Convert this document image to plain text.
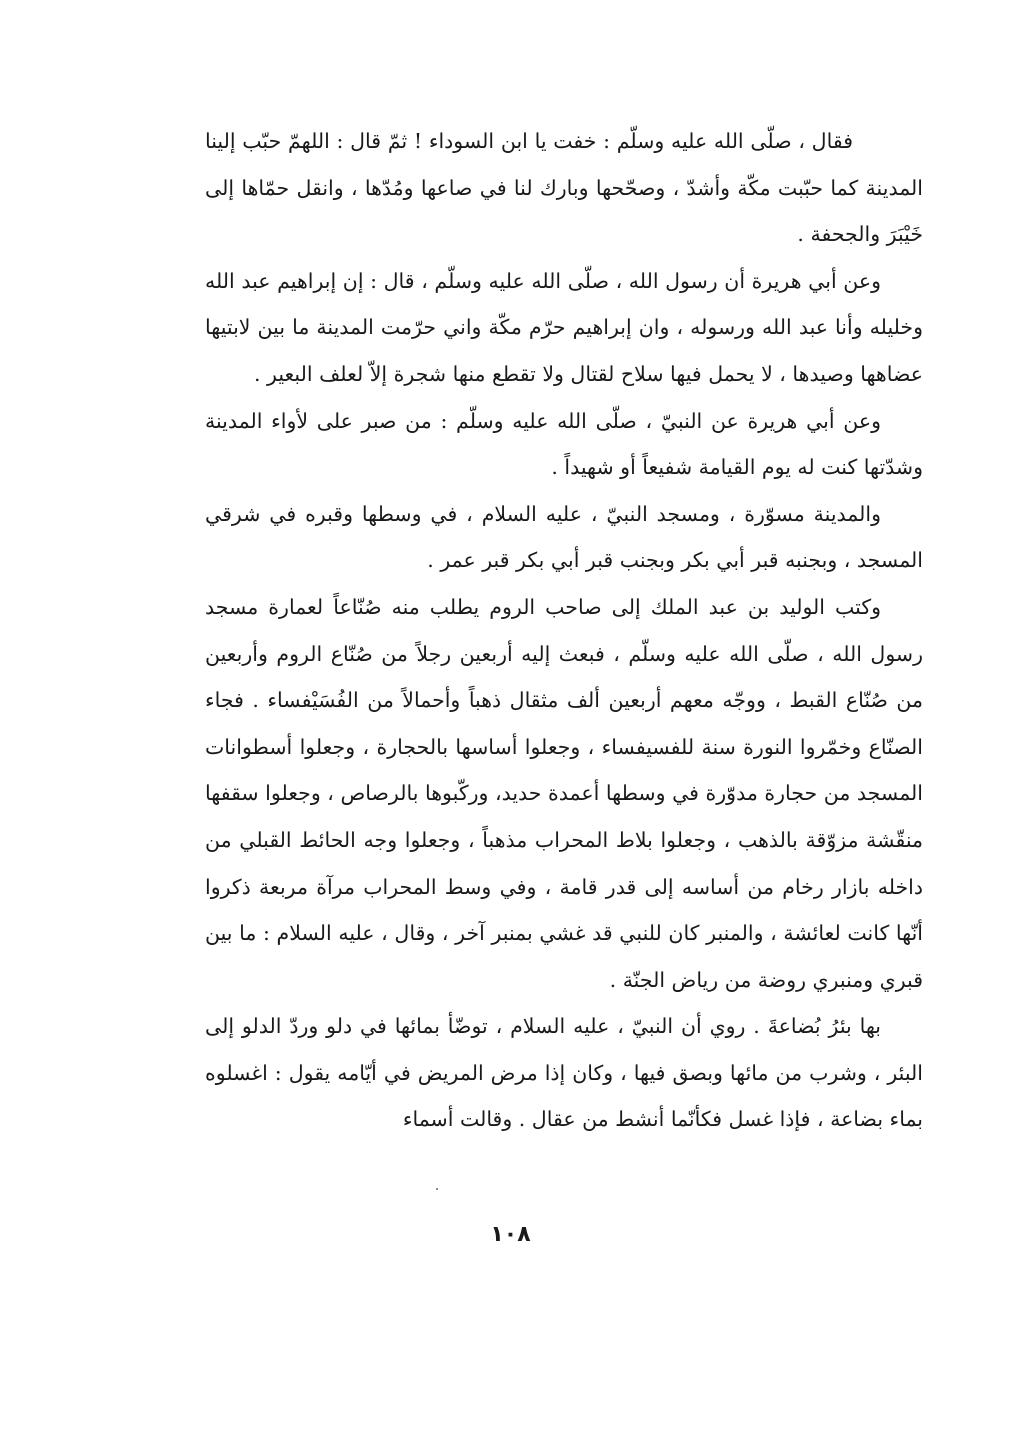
فقال ، صلّى الله عليه وسلّم : خفت يا ابن السوداء ! ثمّ قال : اللهمّ حبّب إلينا المدينة كما حبّبت مكّة وأشدّ ، وصحّحها وبارك لنا في صاعها ومُدّها ، وانقل حمّاها إلى خَيْبَرَ والجحفة .

وعن أبي هريرة أن رسول الله ، صلّى الله عليه وسلّم ، قال : إن إبراهيم عبد الله وخليله وأنا عبد الله ورسوله ، وان إبراهيم حرّم مكّة واني حرّمت المدينة ما بين لابتيها عضاهها وصيدها ، لا يحمل فيها سلاح لقتال ولا تقطع منها شجرة إلاّ لعلف البعير .

وعن أبي هريرة عن النبيّ ، صلّى الله عليه وسلّم : من صبر على لأواء المدينة وشدّتها كنت له يوم القيامة شفيعاً أو شهيداً .

والمدينة مسوّرة ، ومسجد النبيّ ، عليه السلام ، في وسطها وقبره في شرقي المسجد ، وبجنبه قبر أبي بكر وبجنب قبر أبي بكر قبر عمر .

وكتب الوليد بن عبد الملك إلى صاحب الروم يطلب منه صُنّاعاً لعمارة مسجد رسول الله ، صلّى الله عليه وسلّم ، فبعث إليه أربعين رجلاً من صُنّاع الروم وأربعين من صُنّاع القبط ، ووجّه معهم أربعين ألف مثقال ذهباً وأحمالاً من الفُسَيْفساء . فجاء الصنّاع وخمّروا النورة سنة للفسيفساء ، وجعلوا أساسها بالحجارة ، وجعلوا أسطوانات المسجد من حجارة مدوّرة في وسطها أعمدة حديد، وركّبوها بالرصاص ، وجعلوا سقفها منقّشة مزوّقة بالذهب ، وجعلوا بلاط المحراب مذهباً ، وجعلوا وجه الحائط القبلي من داخله بازار رخام من أساسه إلى قدر قامة ، وفي وسط المحراب مرآة مربعة ذكروا أنّها كانت لعائشة ، والمنبر كان للنبي قد غشي بمنبر آخر ، وقال ، عليه السلام : ما بين قبري ومنبري روضة من رياض الجنّة .

بها بئرُ بُضاعةَ . روي أن النبيّ ، عليه السلام ، توضّأ بمائها في دلو وردّ الدلو إلى البئر ، وشرب من مائها وبصق فيها ، وكان إذا مرض المريض في أيّامه يقول : اغسلوه بماء بضاعة ، فإذا غسل فكأنّما أنشط من عقال . وقالت أسماء

١٠٨
